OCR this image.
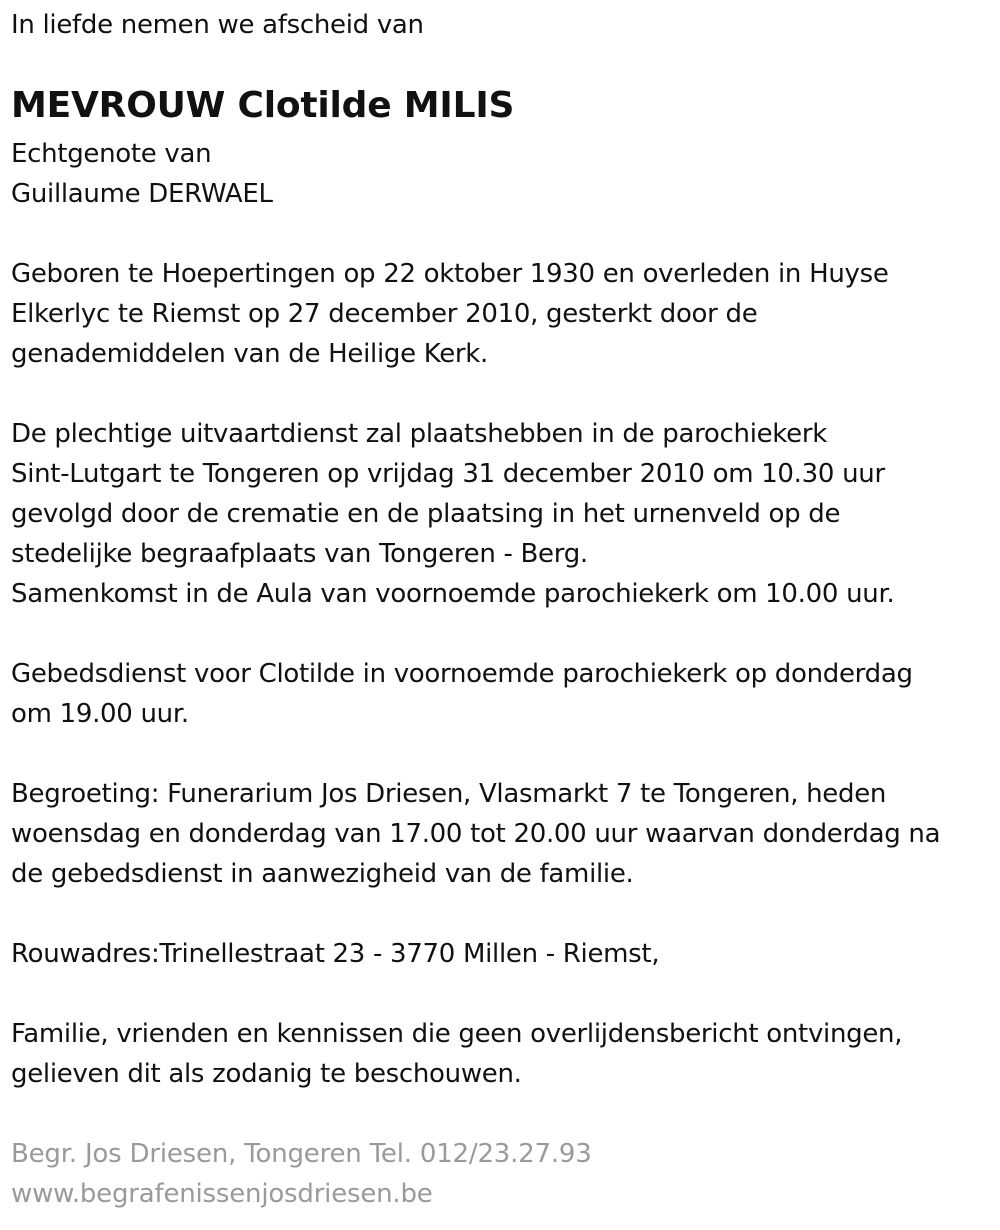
In liefde nemen we afscheid van
MEVROUW Clotilde MILIS
Echtgenote van
Guillaume DERWAEL
Geboren te Hoepertingen op 22 oktober 1930 en overleden in Huyse
Elkerlyc te Riemst op 27 december 2010, gesterkt door de
genademiddelen van de Heilige Kerk.
De plechtige uitvaartdienst zal plaatshebben in de parochiekerk
Sint-Lutgart te Tongeren op vrijdag 31 december 2010 om 10.30 uur
gevolgd door de crematie en de plaatsing in het urnenveld op de
stedelijke begraafplaats van Tongeren - Berg.
Samenkomst in de Aula van voornoemde parochiekerk om 10.00 uur.
Gebedsdienst voor Clotilde in voornoemde parochiekerk op donderdag
om 19.00 uur.
Begroeting: Funerarium Jos Driesen, Vlasmarkt 7 te Tongeren, heden
woensdag en donderdag van 17.00 tot 20.00 uur waarvan donderdag na
de gebedsdienst in aanwezigheid van de familie.
Rouwadres:Trinellestraat 23 - 3770 Millen - Riemst,
Familie, vrienden en kennissen die geen overlijdensbericht ontvingen,
gelieven dit als zodanig te beschouwen.
Begr. Jos Driesen, Tongeren Tel. 012/23.27.93
www.begrafenissenjosdriesen.be
